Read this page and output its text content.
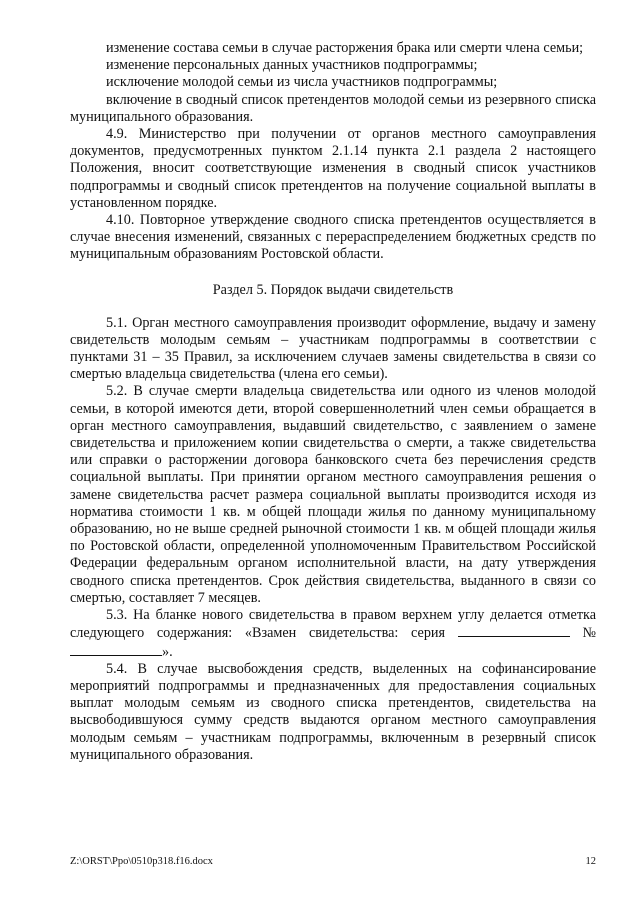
изменение состава семьи в случае расторжения брака или смерти члена семьи;

изменение персональных данных участников подпрограммы;

исключение молодой семьи из числа участников подпрограммы;

включение в сводный список претендентов молодой семьи из резервного списка муниципального образования.

4.9. Министерство при получении от органов местного самоуправления документов, предусмотренных пунктом 2.1.14 пункта 2.1 раздела 2 настоящего Положения, вносит соответствующие изменения в сводный список участников подпрограммы и сводный список претендентов на получение социальной выплаты в установленном порядке.

4.10. Повторное утверждение сводного списка претендентов осуществляется в случае внесения изменений, связанных с перераспределением бюджетных средств по муниципальным образованиям Ростовской области.

Раздел 5. Порядок выдачи свидетельств

5.1. Орган местного самоуправления производит оформление, выдачу и замену свидетельств молодым семьям – участникам подпрограммы в соответствии с пунктами 31 – 35 Правил, за исключением случаев замены свидетельства в связи со смертью владельца свидетельства (члена его семьи).

5.2. В случае смерти владельца свидетельства или одного из членов молодой семьи, в которой имеются дети, второй совершеннолетний член семьи обращается в орган местного самоуправления, выдавший свидетельство, с заявлением о замене свидетельства и приложением копии свидетельства о смерти, а также свидетельства или справки о расторжении договора банковского счета без перечисления средств социальной выплаты. При принятии органом местного самоуправления решения о замене свидетельства расчет размера социальной выплаты производится исходя из норматива стоимости 1 кв. м общей площади жилья по данному муниципальному образованию, но не выше средней рыночной стоимости 1 кв. м общей площади жилья по Ростовской области, определенной уполномоченным Правительством Российской Федерации федеральным органом исполнительной власти, на дату утверждения сводного списка претендентов. Срок действия свидетельства, выданного в связи со смертью, составляет 7 месяцев.

5.3. На бланке нового свидетельства в правом верхнем углу делается отметка следующего содержания: «Взамен свидетельства: серия	№ ».

5.4. В случае высвобождения средств, выделенных на софинансирование мероприятий подпрограммы и предназначенных для предоставления социальных выплат молодым семьям из сводного списка претендентов, свидетельства на высвободившуюся сумму средств выдаются органом местного самоуправления молодым семьям – участникам подпрограммы, включенным в резервный список муниципального образования.

Z:\ORST\Ppo\0510p318.f16.docx	12
